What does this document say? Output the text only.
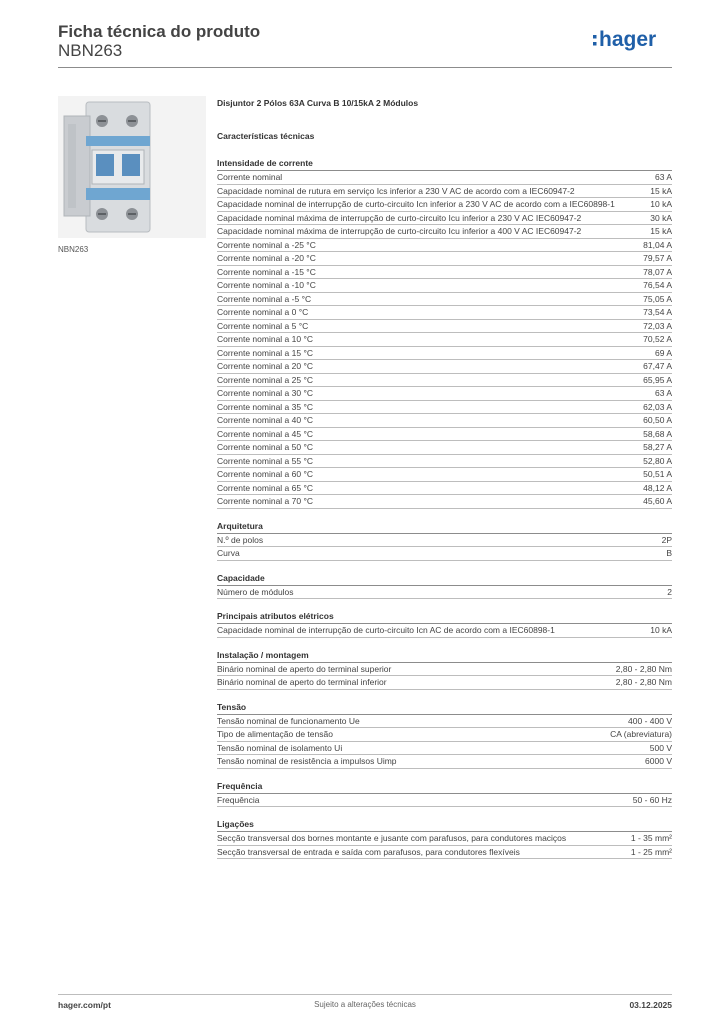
Ficha técnica do produto
NBN263	hager
NBN263
Disjuntor 2 Pólos 63A Curva B 10/15kA 2 Módulos
Características técnicas
Intensidade de corrente
Corrente nominal	63 A
Capacidade nominal de rutura em serviço Ics inferior a 230 V AC de acordo com a IEC60947-2	15 kA
Capacidade nominal de interrupção de curto-circuito Icn inferior a 230 V AC de acordo com a IEC60898-1	10 kA
Capacidade nominal máxima de interrupção de curto-circuito Icu inferior a 230 V AC IEC60947-2	30 kA
Capacidade nominal máxima de interrupção de curto-circuito Icu inferior a 400 V AC IEC60947-2	15 kA
Corrente nominal a -25 °C	81,04 A
Corrente nominal a -20 °C	79,57 A
Corrente nominal a -15 °C	78,07 A
Corrente nominal a -10 °C	76,54 A
Corrente nominal a -5 °C	75,05 A
Corrente nominal a 0 °C	73,54 A
Corrente nominal a 5 °C	72,03 A
Corrente nominal a 10 °C	70,52 A
Corrente nominal a 15 °C	69 A
Corrente nominal a 20 °C	67,47 A
Corrente nominal a 25 °C	65,95 A
Corrente nominal a 30 °C	63 A
Corrente nominal a 35 °C	62,03 A
Corrente nominal a 40 °C	60,50 A
Corrente nominal a 45 °C	58,68 A
Corrente nominal a 50 °C	58,27 A
Corrente nominal a 55 °C	52,80 A
Corrente nominal a 60 °C	50,51 A
Corrente nominal a 65 °C	48,12 A
Corrente nominal a 70 °C	45,60 A
Arquitetura
N.º de polos	2P
Curva	B
Capacidade
Número de módulos	2
Principais atributos elétricos
Capacidade nominal de interrupção de curto-circuito Icn AC de acordo com a IEC60898-1	10 kA
Instalação / montagem
Binário nominal de aperto do terminal superior	2,80 - 2,80 Nm
Binário nominal de aperto do terminal inferior	2,80 - 2,80 Nm
Tensão
Tensão nominal de funcionamento Ue	400 - 400 V
Tipo de alimentação de tensão	CA (abreviatura)
Tensão nominal de isolamento Ui	500 V
Tensão nominal de resistência a impulsos Uimp	6000 V
Frequência
Frequência	50 - 60 Hz
Ligações
Secção transversal dos bornes montante e jusante com parafusos, para condutores maciços	1 - 35 mm²
Secção transversal de entrada e saída com parafusos, para condutores flexíveis	1 - 25 mm²
hager.com/pt	Sujeito a alterações técnicas	03.12.2025
